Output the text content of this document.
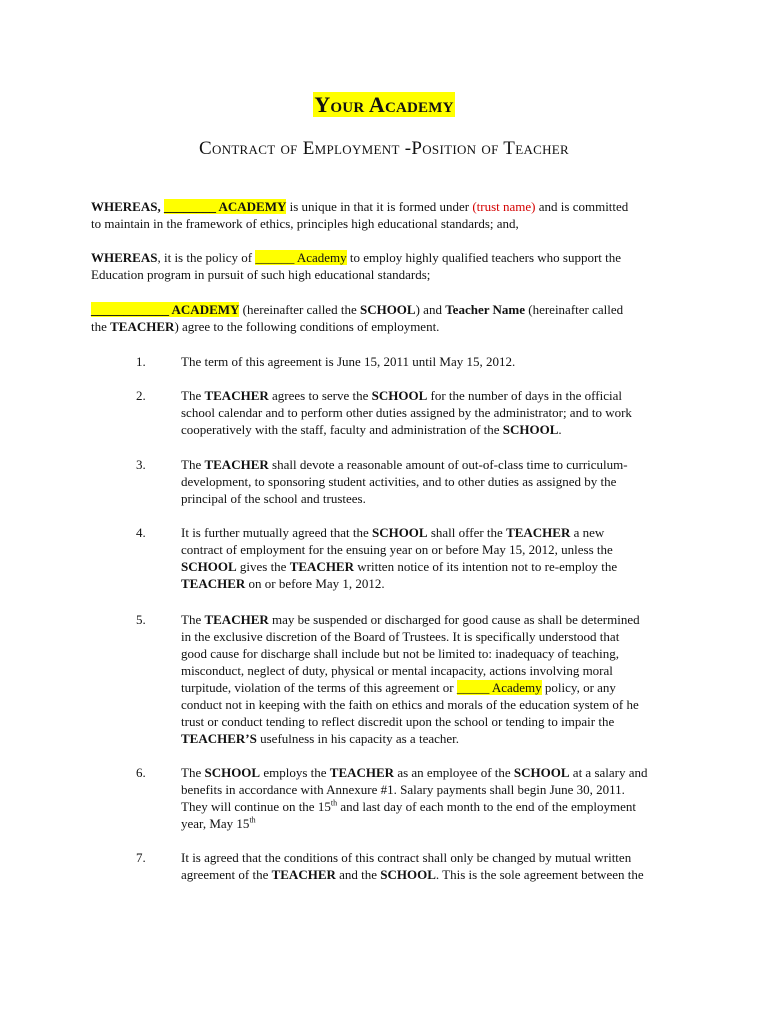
Your Academy
Contract of Employment -Position of Teacher
WHEREAS, ________ ACADEMY is unique in that it is formed under (trust name) and is committed
to maintain in the framework of ethics, principles high educational standards; and,
WHEREAS, it is the policy of ______ Academy to employ highly qualified teachers who support the
Education program in pursuit of such high educational standards;
____________ ACADEMY (hereinafter called the SCHOOL) and Teacher Name (hereinafter called
the TEACHER) agree to the following conditions of employment.
1.	The term of this agreement is June 15, 2011 until May 15, 2012.
2.	The TEACHER agrees to serve the SCHOOL for the number of days in the official
school calendar and to perform other duties assigned by the administrator; and to work
cooperatively with the staff, faculty and administration of the SCHOOL.
3.	The TEACHER shall devote a reasonable amount of out-of-class time to curriculum-
development, to sponsoring student activities, and to other duties as assigned by the
principal of the school and trustees.
4.	It is further mutually agreed that the SCHOOL shall offer the TEACHER a new
contract of employment for the ensuing year on or before May 15, 2012, unless the
SCHOOL gives the TEACHER written notice of its intention not to re-employ the
TEACHER on or before May 1, 2012.
5.	The TEACHER may be suspended or discharged for good cause as shall be determined
in the exclusive discretion of the Board of Trustees. It is specifically understood that
good cause for discharge shall include but not be limited to: inadequacy of teaching,
misconduct, neglect of duty, physical or mental incapacity, actions involving moral
turpitude, violation of the terms of this agreement or _____ Academy policy, or any
conduct not in keeping with the faith on ethics and morals of the education system of he
trust or conduct tending to reflect discredit upon the school or tending to impair the
TEACHER’S usefulness in his capacity as a teacher.
6.	The SCHOOL employs the TEACHER as an employee of the SCHOOL at a salary and
benefits in accordance with Annexure #1. Salary payments shall begin June 30, 2011.
They will continue on the 15th and last day of each month to the end of the employment
year, May 15th
7.	It is agreed that the conditions of this contract shall only be changed by mutual written
agreement of the TEACHER and the SCHOOL. This is the sole agreement between the
